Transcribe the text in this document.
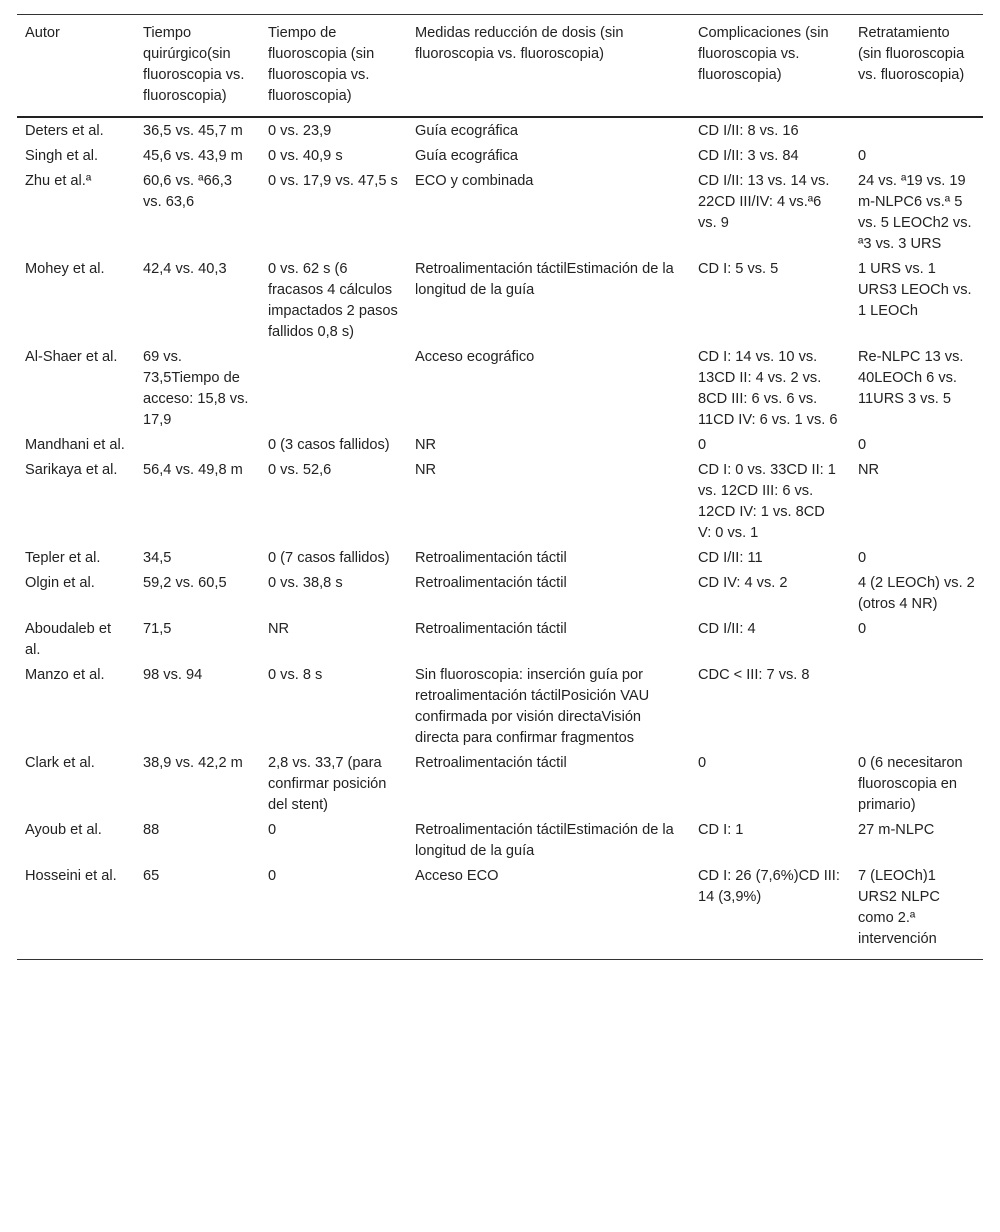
Autor	Tiempo quirúrgico(sin fluoroscopia vs. fluoroscopia)	Tiempo de fluoroscopia (sin fluoroscopia vs. fluoroscopia)	Medidas reducción de dosis (sin fluoroscopia vs. fluoroscopia)	Complicaciones (sin fluoroscopia vs. fluoroscopia)	Retratamiento (sin fluoroscopia vs. fluoroscopia)
Deters et al.	36,5 vs. 45,7 m	0 vs. 23,9	Guía ecográfica	CD I/II: 8 vs. 16	
Singh et al.	45,6 vs. 43,9 m	0 vs. 40,9 s	Guía ecográfica	CD I/II: 3 vs. 84	0
Zhu et al.ª	60,6 vs. ª66,3 vs. 63,6	0 vs. 17,9 vs. 47,5 s	ECO y combinada	CD I/II: 13 vs. 14 vs. 22CD III/IV: 4 vs.ª6 vs. 9	24 vs. ª19 vs. 19 m-NLPC6 vs.ª 5 vs. 5 LEOCh2 vs. ª3 vs. 3 URS
Mohey et al.	42,4 vs. 40,3	0 vs. 62 s (6 fracasos 4 cálculos impactados 2 pasos fallidos 0,8 s)	Retroalimentación táctilEstimación de la longitud de la guía	CD I: 5 vs. 5	1 URS vs. 1 URS3 LEOCh vs. 1 LEOCh
Al-Shaer et al.	69 vs. 73,5Tiempo de acceso: 15,8 vs. 17,9		Acceso ecográfico	CD I: 14 vs. 10 vs. 13CD II: 4 vs. 2 vs. 8CD III: 6 vs. 6 vs. 11CD IV: 6 vs. 1 vs. 6	Re-NLPC 13 vs. 40LEOCh 6 vs. 11URS 3 vs. 5
Mandhani et al.		0 (3 casos fallidos)	NR	0	0
Sarikaya et al.	56,4 vs. 49,8 m	0 vs. 52,6	NR	CD I: 0 vs. 33CD II: 1 vs. 12CD III: 6 vs. 12CD IV: 1 vs. 8CD V: 0 vs. 1	NR
Tepler et al.	34,5	0 (7 casos fallidos)	Retroalimentación táctil	CD I/II: 11	0
Olgin et al.	59,2 vs. 60,5	0 vs. 38,8 s	Retroalimentación táctil	CD IV: 4 vs. 2	4 (2 LEOCh) vs. 2 (otros 4 NR)
Aboudaleb et al.	71,5	NR	Retroalimentación táctil	CD I/II: 4	0
Manzo et al.	98 vs. 94	0 vs. 8 s	Sin fluoroscopia: inserción guía por retroalimentación táctilPosición VAU confirmada por visión directaVisión directa para confirmar fragmentos	CDC < III: 7 vs. 8	
Clark et al.	38,9 vs. 42,2 m	2,8 vs. 33,7 (para confirmar posición del stent)	Retroalimentación táctil	0	0 (6 necesitaron fluoroscopia en primario)
Ayoub et al.	88	0	Retroalimentación táctilEstimación de la longitud de la guía	CD I: 1	27 m-NLPC
Hosseini et al.	65	0	Acceso ECO	CD I: 26 (7,6%)CD III: 14 (3,9%)	7 (LEOCh)1 URS2 NLPC como 2.ª intervención
